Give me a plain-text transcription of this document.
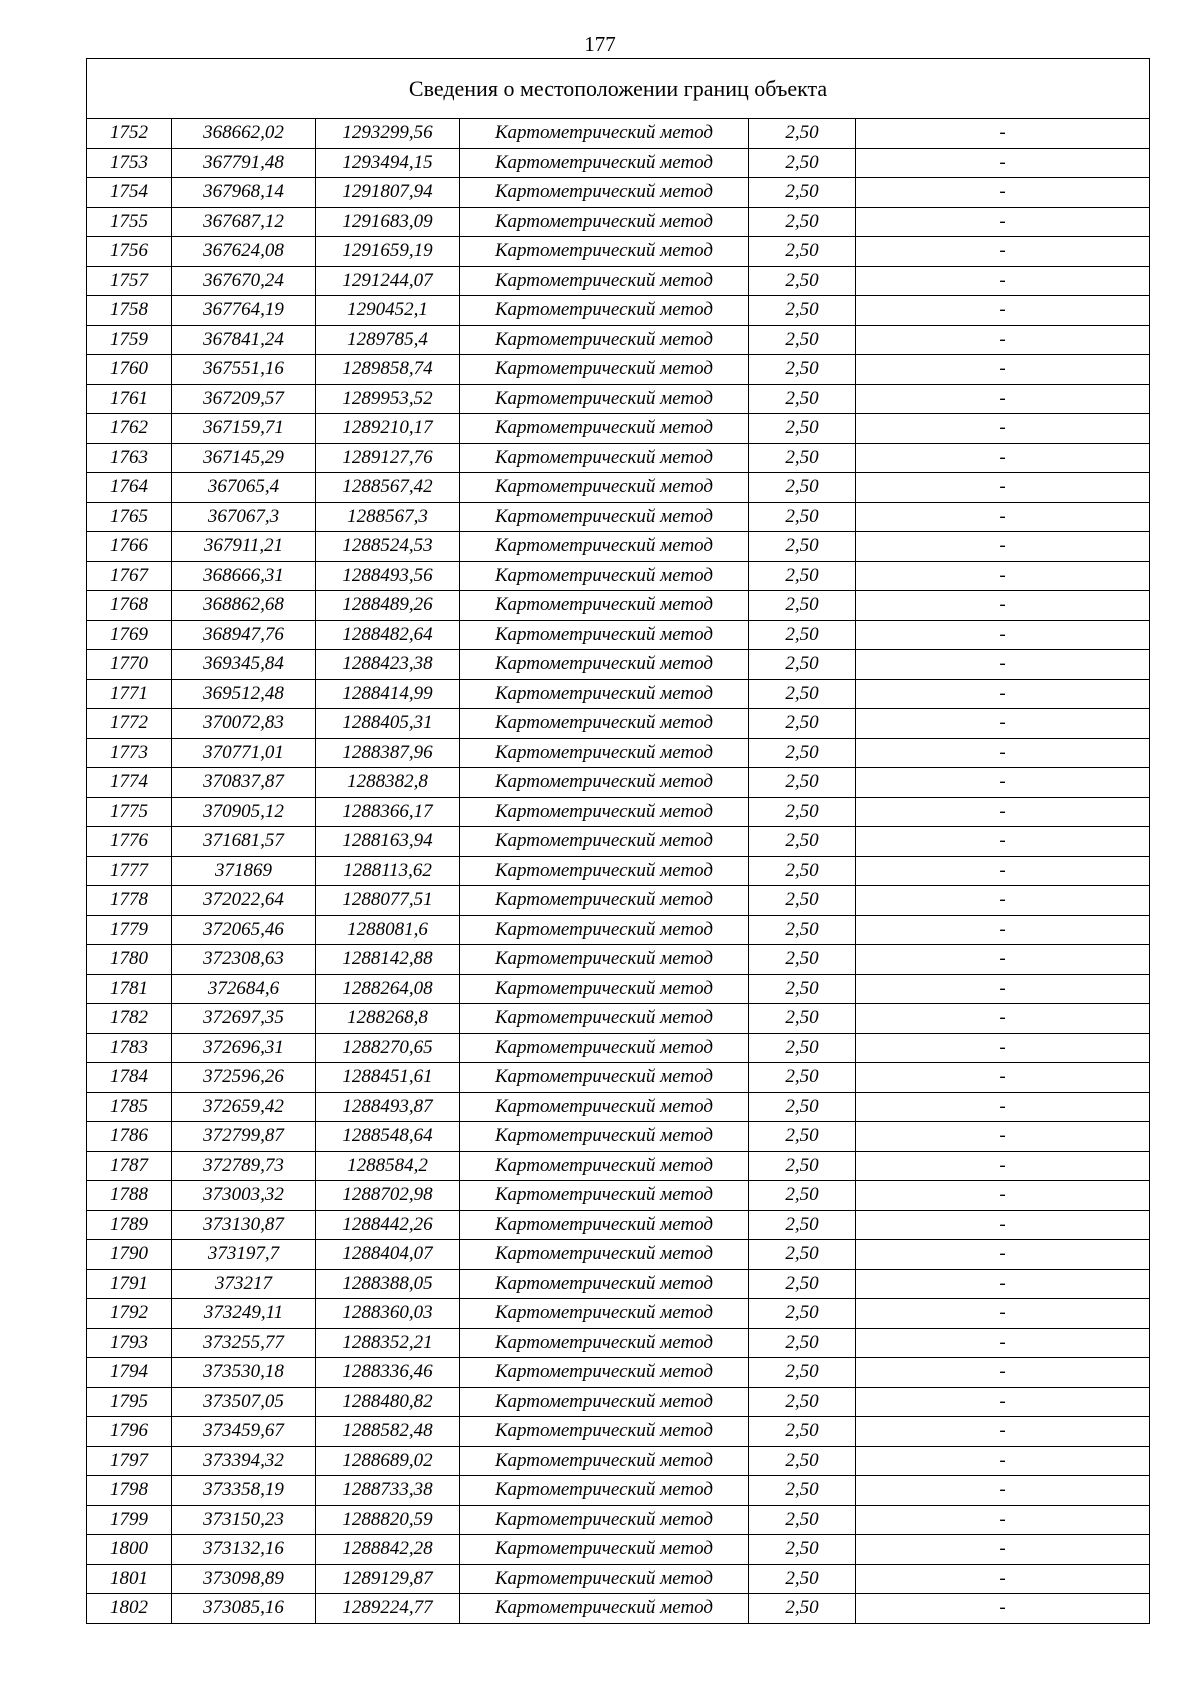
177
Сведения о местоположении границ объекта					
1752	368662,02	1293299,56	Картометрический метод	2,50	-
1753	367791,48	1293494,15	Картометрический метод	2,50	-
1754	367968,14	1291807,94	Картометрический метод	2,50	-
1755	367687,12	1291683,09	Картометрический метод	2,50	-
1756	367624,08	1291659,19	Картометрический метод	2,50	-
1757	367670,24	1291244,07	Картометрический метод	2,50	-
1758	367764,19	1290452,1	Картометрический метод	2,50	-
1759	367841,24	1289785,4	Картометрический метод	2,50	-
1760	367551,16	1289858,74	Картометрический метод	2,50	-
1761	367209,57	1289953,52	Картометрический метод	2,50	-
1762	367159,71	1289210,17	Картометрический метод	2,50	-
1763	367145,29	1289127,76	Картометрический метод	2,50	-
1764	367065,4	1288567,42	Картометрический метод	2,50	-
1765	367067,3	1288567,3	Картометрический метод	2,50	-
1766	367911,21	1288524,53	Картометрический метод	2,50	-
1767	368666,31	1288493,56	Картометрический метод	2,50	-
1768	368862,68	1288489,26	Картометрический метод	2,50	-
1769	368947,76	1288482,64	Картометрический метод	2,50	-
1770	369345,84	1288423,38	Картометрический метод	2,50	-
1771	369512,48	1288414,99	Картометрический метод	2,50	-
1772	370072,83	1288405,31	Картометрический метод	2,50	-
1773	370771,01	1288387,96	Картометрический метод	2,50	-
1774	370837,87	1288382,8	Картометрический метод	2,50	-
1775	370905,12	1288366,17	Картометрический метод	2,50	-
1776	371681,57	1288163,94	Картометрический метод	2,50	-
1777	371869	1288113,62	Картометрический метод	2,50	-
1778	372022,64	1288077,51	Картометрический метод	2,50	-
1779	372065,46	1288081,6	Картометрический метод	2,50	-
1780	372308,63	1288142,88	Картометрический метод	2,50	-
1781	372684,6	1288264,08	Картометрический метод	2,50	-
1782	372697,35	1288268,8	Картометрический метод	2,50	-
1783	372696,31	1288270,65	Картометрический метод	2,50	-
1784	372596,26	1288451,61	Картометрический метод	2,50	-
1785	372659,42	1288493,87	Картометрический метод	2,50	-
1786	372799,87	1288548,64	Картометрический метод	2,50	-
1787	372789,73	1288584,2	Картометрический метод	2,50	-
1788	373003,32	1288702,98	Картометрический метод	2,50	-
1789	373130,87	1288442,26	Картометрический метод	2,50	-
1790	373197,7	1288404,07	Картометрический метод	2,50	-
1791	373217	1288388,05	Картометрический метод	2,50	-
1792	373249,11	1288360,03	Картометрический метод	2,50	-
1793	373255,77	1288352,21	Картометрический метод	2,50	-
1794	373530,18	1288336,46	Картометрический метод	2,50	-
1795	373507,05	1288480,82	Картометрический метод	2,50	-
1796	373459,67	1288582,48	Картометрический метод	2,50	-
1797	373394,32	1288689,02	Картометрический метод	2,50	-
1798	373358,19	1288733,38	Картометрический метод	2,50	-
1799	373150,23	1288820,59	Картометрический метод	2,50	-
1800	373132,16	1288842,28	Картометрический метод	2,50	-
1801	373098,89	1289129,87	Картометрический метод	2,50	-
1802	373085,16	1289224,77	Картометрический метод	2,50	-
